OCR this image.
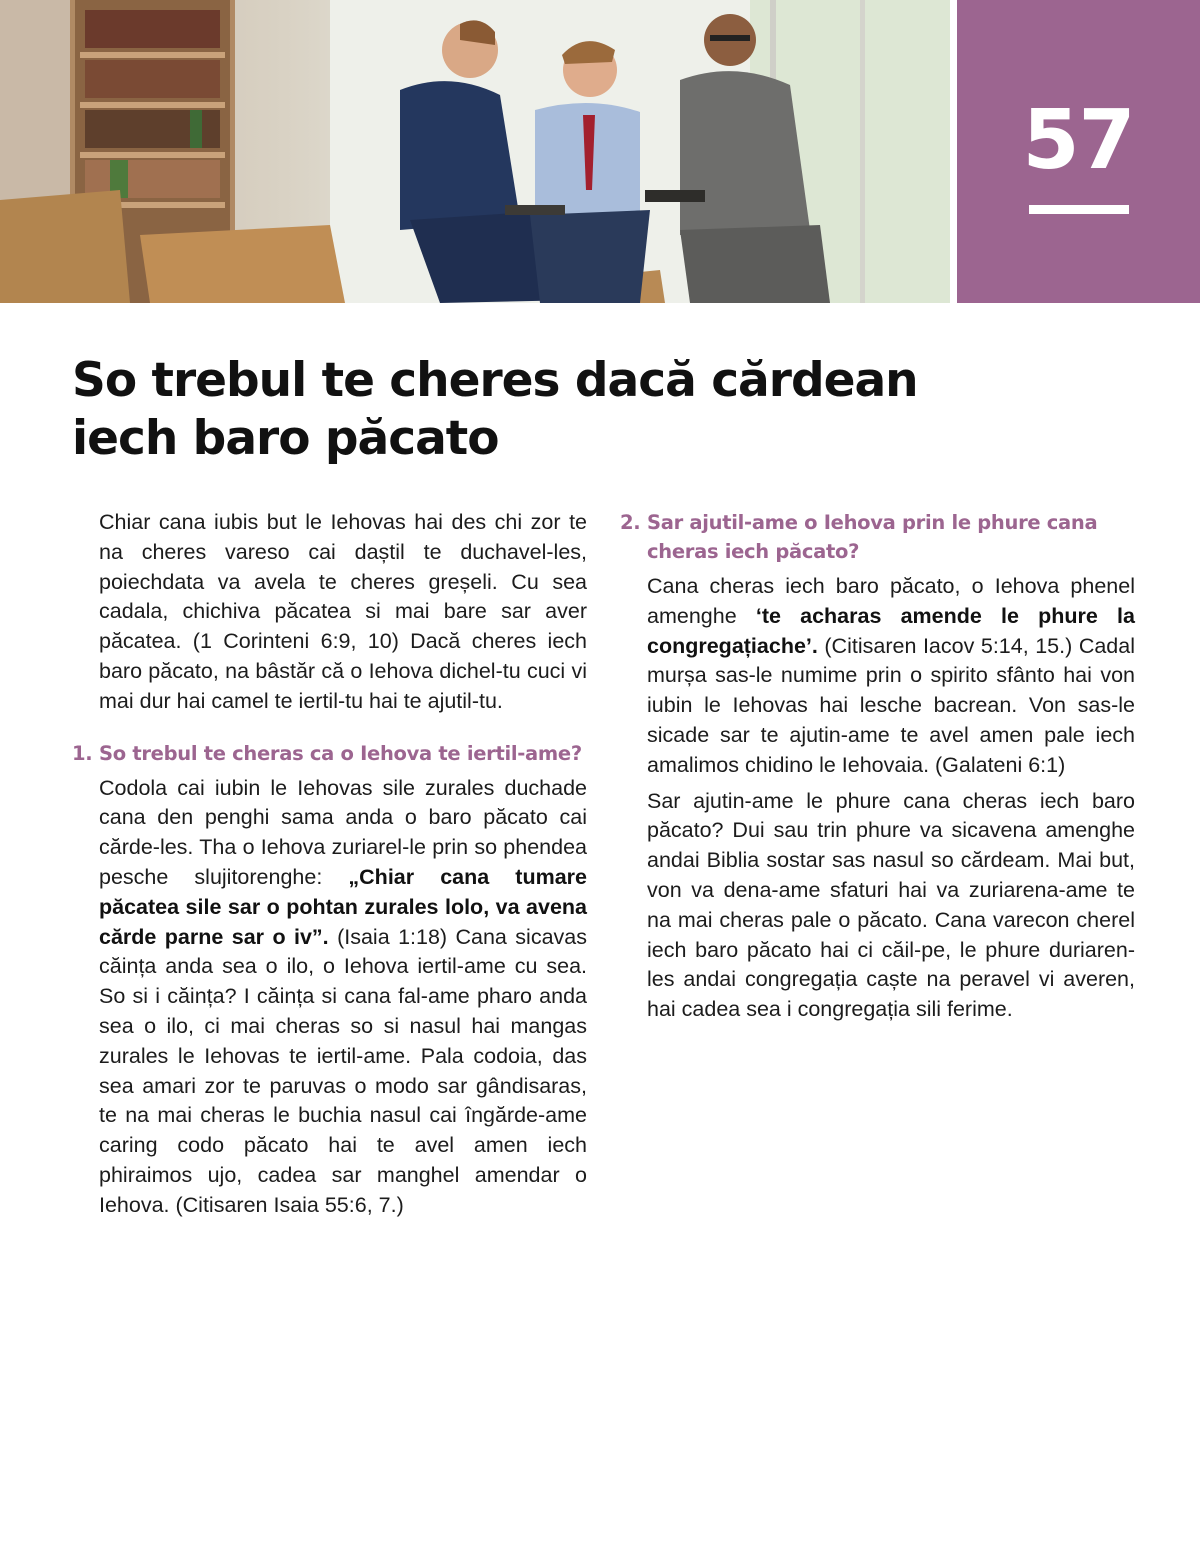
57
So trebul te cheres dacă cărdean
iech baro păcato

Chiar cana iubis but le Iehovas hai des chi zor te na cheres vareso cai daștil te duchavel-les, poiechdata va avela te cheres greșeli. Cu sea cadala, chichiva păcatea si mai bare sar aver păcatea. (1 Corinteni 6:9, 10) Dacă cheres iech baro păcato, na bâstăr că o Iehova dichel-tu cuci vi mai dur hai camel te iertil-tu hai te ajutil-tu.

1. So trebul te cheras ca o Iehova te iertil-ame?

Codola cai iubin le Iehovas sile zurales duchade cana den penghi sama anda o baro păcato cai cărde-les. Tha o Iehova zuriarel-le prin so phendea pesche slujitorenghe: „Chiar cana tumare păcatea sile sar o pohtan zurales lolo, va avena cărde parne sar o iv”. (Isaia 1:18) Cana sicavas căința anda sea o ilo, o Iehova iertil-ame cu sea. So si i căința? I căința si cana fal-ame pharo anda sea o ilo, ci mai cheras so si nasul hai mangas zurales le Iehovas te iertil-ame. Pala codoia, das sea amari zor te paruvas o modo sar gândisaras, te na mai cheras le buchia nasul cai îngărde-ame caring codo păcato hai te avel amen iech phiraimos ujo, cadea sar manghel amendar o Iehova. (Citisaren Isaia 55:6, 7.)

2. Sar ajutil-ame o Iehova prin le phure cana cheras iech păcato?

Cana cheras iech baro păcato, o Iehova phenel amenghe ‘te acharas amende le phure la congregațiache’. (Citisaren Iacov 5:14, 15.) Cadal murșa sas-le numime prin o spirito sfânto hai von iubin le Iehovas hai lesche bacrean. Von sas-le sicade sar te ajutin-ame te avel amen pale iech amalimos chidino le Iehovaia. (Galateni 6:1)

Sar ajutin-ame le phure cana cheras iech baro păcato? Dui sau trin phure va sicavena amenghe andai Biblia sostar sas nasul so cărdeam. Mai but, von va dena-ame sfaturi hai va zuriarena-ame te na mai cheras pale o păcato. Cana varecon cherel iech baro păcato hai ci căil-pe, le phure duriaren-les andai congregația caște na peravel vi averen, hai cadea sea i congregația sili ferime.
